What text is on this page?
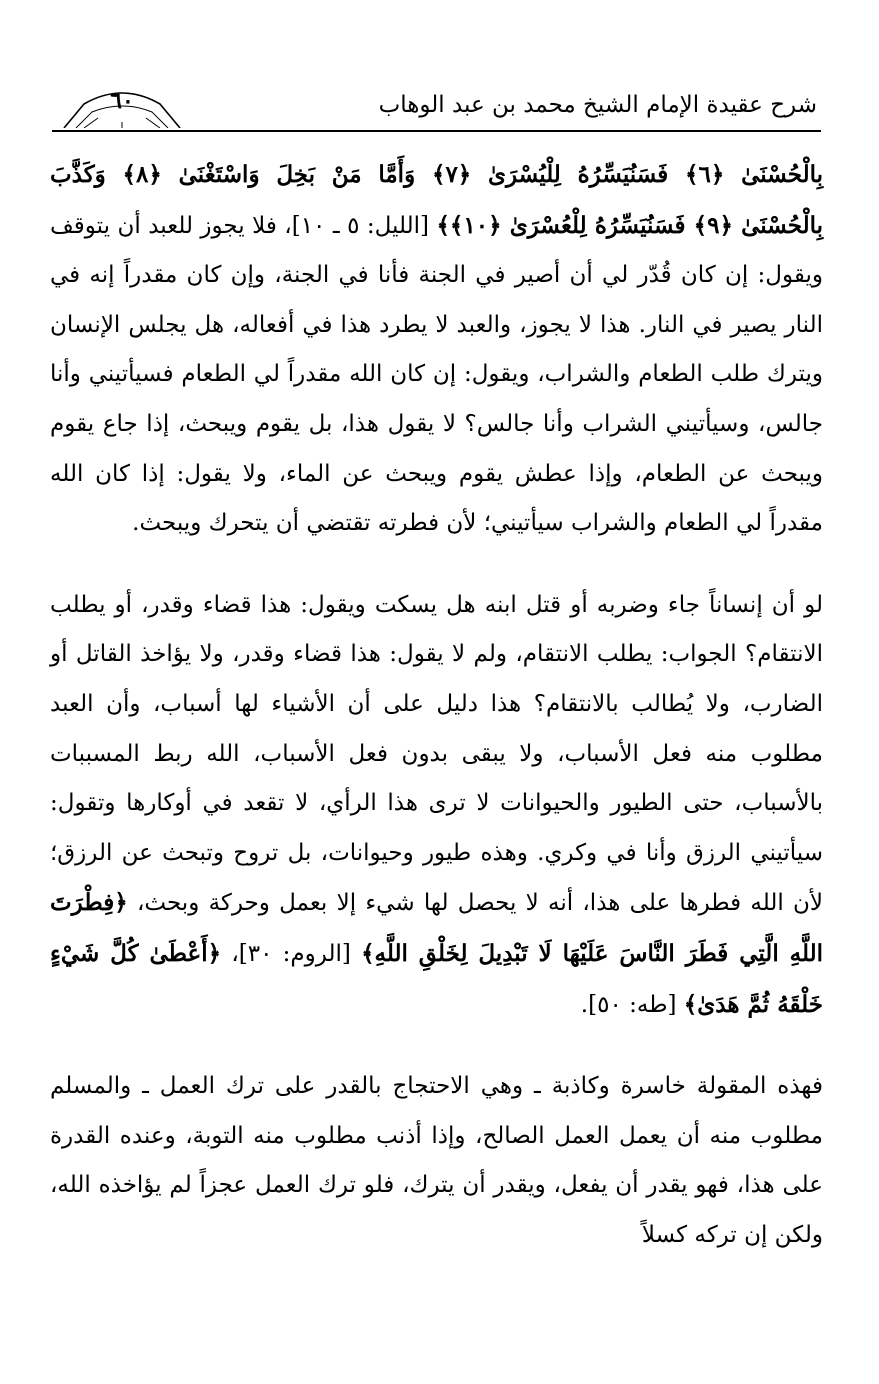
شرح عقيدة الإمام الشيخ محمد بن عبد الوهاب
٦٠

بِالْحُسْنَىٰ ﴿٦﴾ فَسَنُيَسِّرُهُ لِلْيُسْرَىٰ ﴿٧﴾ وَأَمَّا مَنْ بَخِلَ وَاسْتَغْنَىٰ ﴿٨﴾ وَكَذَّبَ بِالْحُسْنَىٰ ﴿٩﴾ فَسَنُيَسِّرُهُ لِلْعُسْرَىٰ ﴿١٠﴾﴾ [الليل: ٥ ـ ١٠]، فلا يجوز للعبد أن يتوقف ويقول: إن كان قُدّر لي أن أصير في الجنة فأنا في الجنة، وإن كان مقدراً إنه في النار يصير في النار. هذا لا يجوز، والعبد لا يطرد هذا في أفعاله، هل يجلس الإنسان ويترك طلب الطعام والشراب، ويقول: إن كان الله مقدراً لي الطعام فسيأتيني وأنا جالس، وسيأتيني الشراب وأنا جالس؟ لا يقول هذا، بل يقوم ويبحث، إذا جاع يقوم ويبحث عن الطعام، وإذا عطش يقوم ويبحث عن الماء، ولا يقول: إذا كان الله مقدراً لي الطعام والشراب سيأتيني؛ لأن فطرته تقتضي أن يتحرك ويبحث.

لو أن إنساناً جاء وضربه أو قتل ابنه هل يسكت ويقول: هذا قضاء وقدر، أو يطلب الانتقام؟ الجواب: يطلب الانتقام، ولم لا يقول: هذا قضاء وقدر، ولا يؤاخذ القاتل أو الضارب، ولا يُطالب بالانتقام؟ هذا دليل على أن الأشياء لها أسباب، وأن العبد مطلوب منه فعل الأسباب، ولا يبقى بدون فعل الأسباب، الله ربط المسببات بالأسباب، حتى الطيور والحيوانات لا ترى هذا الرأي، لا تقعد في أوكارها وتقول: سيأتيني الرزق وأنا في وكري. وهذه طيور وحيوانات، بل تروح وتبحث عن الرزق؛ لأن الله فطرها على هذا، أنه لا يحصل لها شيء إلا بعمل وحركة وبحث، ﴿فِطْرَتَ اللَّهِ الَّتِي فَطَرَ النَّاسَ عَلَيْهَا لَا تَبْدِيلَ لِخَلْقِ اللَّهِ﴾ [الروم: ٣٠]، ﴿أَعْطَىٰ كُلَّ شَيْءٍ خَلْقَهُ ثُمَّ هَدَىٰ﴾ [طه: ٥٠].

فهذه المقولة خاسرة وكاذبة ـ وهي الاحتجاج بالقدر على ترك العمل ـ والمسلم مطلوب منه أن يعمل العمل الصالح، وإذا أذنب مطلوب منه التوبة، وعنده القدرة على هذا، فهو يقدر أن يفعل، ويقدر أن يترك، فلو ترك العمل عجزاً لم يؤاخذه الله، ولكن إن تركه كسلاً
